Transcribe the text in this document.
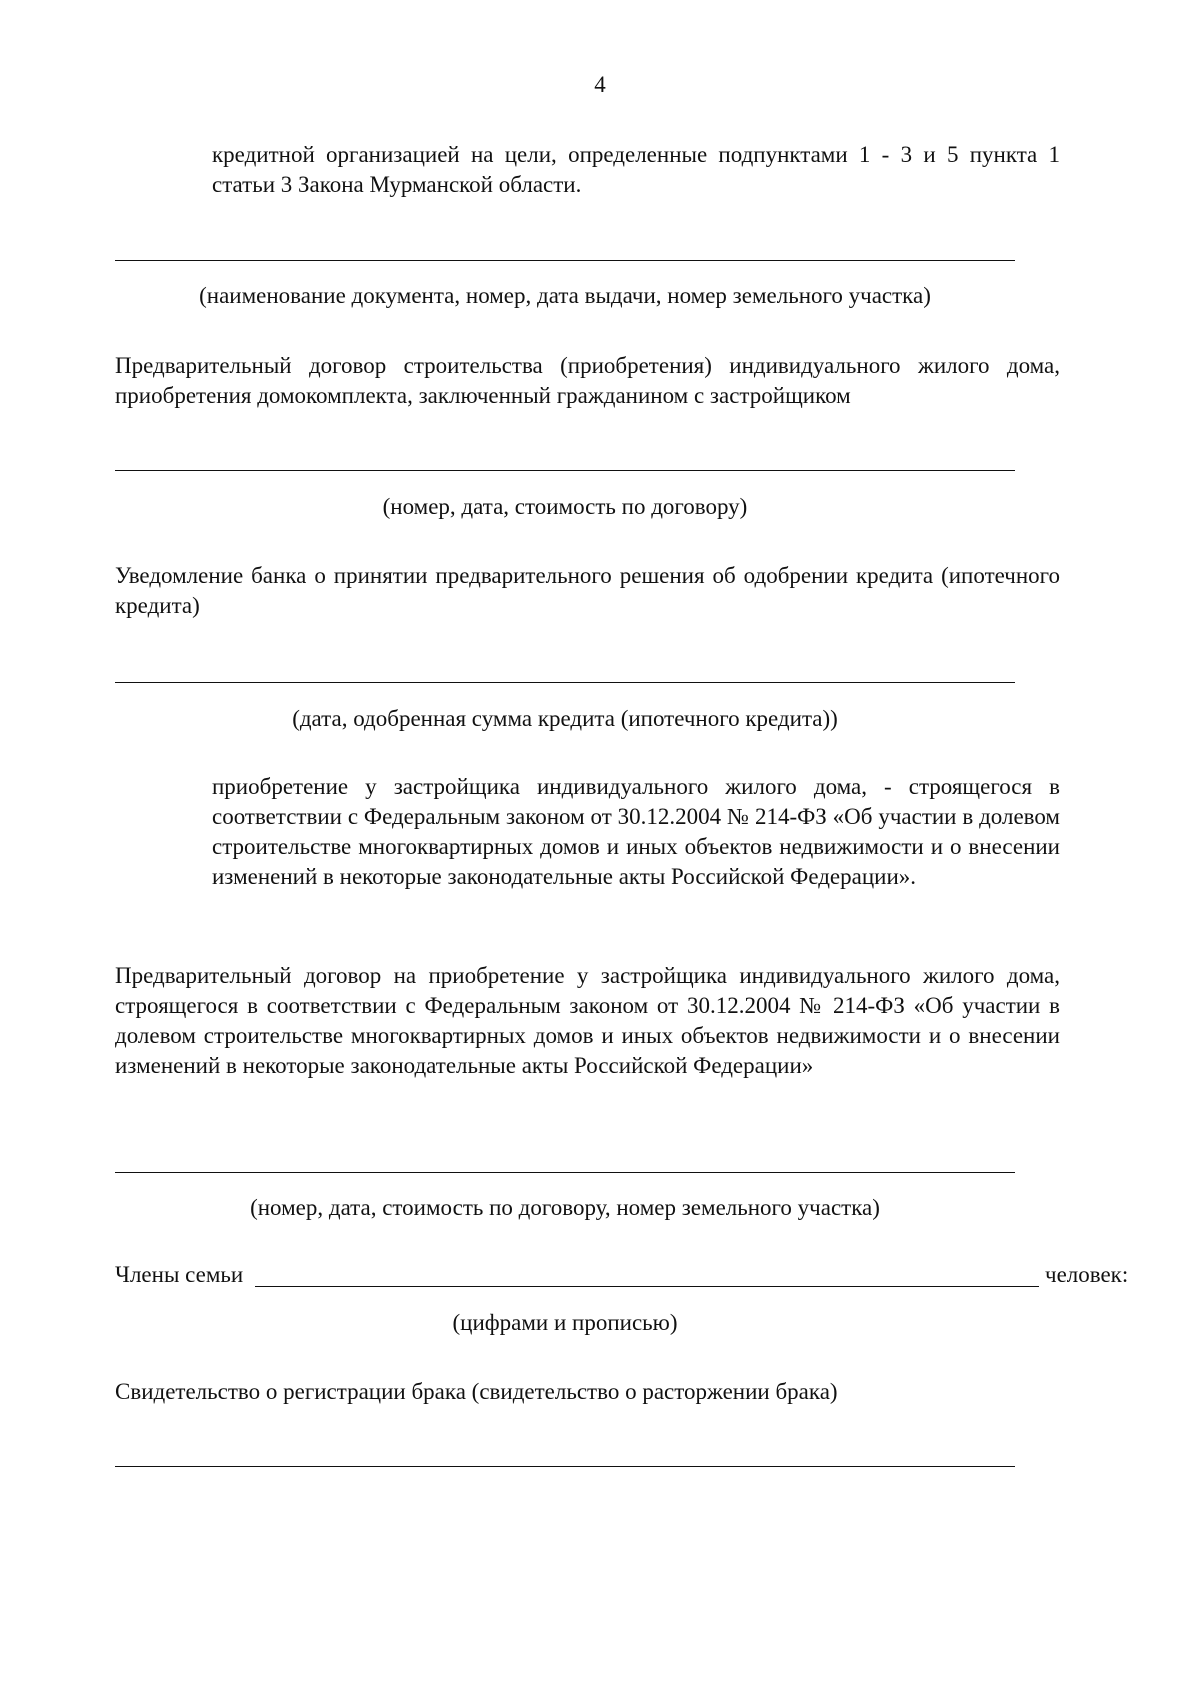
4

кредитной организацией на цели, определенные подпунктами 1 - 3 и 5 пункта 1 статьи 3 Закона Мурманской области.

(наименование документа, номер, дата выдачи, номер земельного участка)

Предварительный договор строительства (приобретения) индивидуального жилого дома, приобретения домокомплекта, заключенный гражданином с застройщиком

(номер, дата, стоимость по договору)

Уведомление банка о принятии предварительного решения об одобрении кредита (ипотечного кредита)

(дата, одобренная сумма кредита (ипотечного кредита))

приобретение у застройщика индивидуального жилого дома, - строящегося в соответствии с Федеральным законом от 30.12.2004 № 214-ФЗ «Об участии в долевом строительстве многоквартирных домов и иных объектов недвижимости и о внесении изменений в некоторые законодательные акты Российской Федерации».

Предварительный договор на приобретение у застройщика индивидуального жилого дома, строящегося в соответствии с Федеральным законом от 30.12.2004 № 214-ФЗ «Об участии в долевом строительстве многоквартирных домов и иных объектов недвижимости и о внесении изменений в некоторые законодательные акты Российской Федерации»

(номер, дата, стоимость по договору, номер земельного участка)
Члены семьи	человек:
(цифрами и прописью)

Свидетельство о регистрации брака (свидетельство о расторжении брака)
